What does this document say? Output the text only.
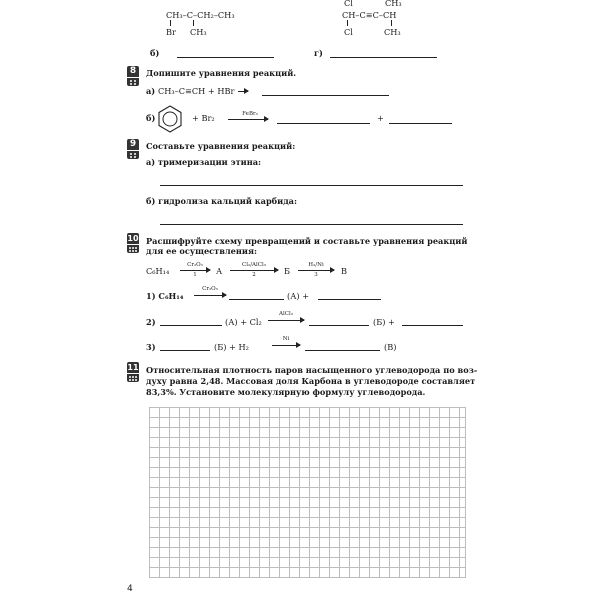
CH₃–C–CH₂–CH₃
Br CH₃
Cl	CH₃
CH–C≡C–CH
Cl	CH₃
б)	г)
8	Допишите уравнения реакций.
а) CH₃–C≡CH + HBr
б)	+ Br₂	FeBr₃	+
9	Составьте уравнения реакций:
а) тримеризации этина:
б) гидролиза кальций карбида:
10 Расшифруйте схему превращений и составьте уравнения реакций
для ее осуществления:
C₆H₁₄
Cr₂O₃
1	А
Cl₂/AlCl₃
2	Б
H₂/Ni
3	В
1) C₆H₁₄
Cr₂O₃
(А) +
2)	(А) + Cl₂
AlCl₃
(Б) +
3)	(Б) + H₂
Ni
(В)
11 Относительная плотность паров насыщенного углеводорода по воз-
духу равна 2,48. Массовая доля Карбона в углеводороде составляет
83,3%. Установите молекулярную формулу углеводорода.
4
